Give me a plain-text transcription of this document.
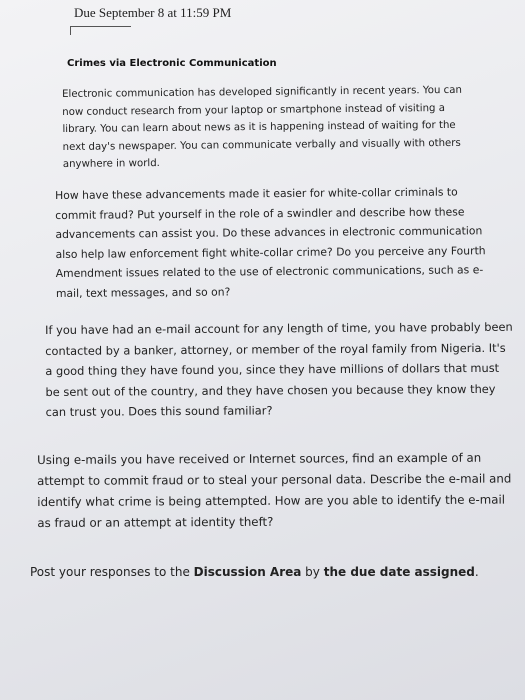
Due September 8 at 11:59 PM
Crimes via Electronic Communication

Electronic communication has developed significantly in recent years. You can now conduct research from your laptop or smartphone instead of visiting a library. You can learn about news as it is happening instead of waiting for the next day's newspaper. You can communicate verbally and visually with others anywhere in world.

How have these advancements made it easier for white-collar criminals to commit fraud? Put yourself in the role of a swindler and describe how these advancements can assist you. Do these advances in electronic communication also help law enforcement fight white-collar crime? Do you perceive any Fourth Amendment issues related to the use of electronic communications, such as e-mail, text messages, and so on?

If you have had an e-mail account for any length of time, you have probably been contacted by a banker, attorney, or member of the royal family from Nigeria. It's a good thing they have found you, since they have millions of dollars that must be sent out of the country, and they have chosen you because they know they can trust you. Does this sound familiar?

Using e-mails you have received or Internet sources, find an example of an attempt to commit fraud or to steal your personal data. Describe the e-mail and identify what crime is being attempted. How are you able to identify the e-mail as fraud or an attempt at identity theft?

Post your responses to the Discussion Area by the due date assigned.
